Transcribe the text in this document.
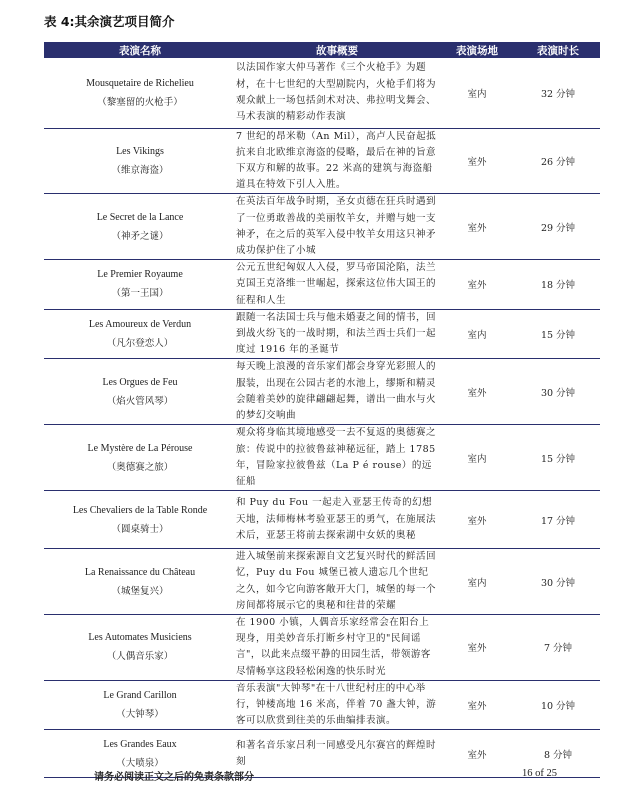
表 4:其余演艺项目简介
表演名称	故事概要	表演场地	表演时长

Mousquetaire de Richelieu
（黎塞留的火枪手）	以法国作家大仲马著作《三个火枪手》为题材，在十七世纪的大型剧院内，火枪手们将为观众献上一场包括剑术对决、弗拉明戈舞会、马术表演的精彩动作表演	室内	32 分钟

Les Vikings
（维京海盗）	7 世纪的昂米勒（An Mil），高卢人民奋起抵抗来自北欧维京海盗的侵略，最后在神的旨意下双方和解的故事。22 米高的建筑与海盗船道具在特效下引人入胜。	室外	26 分钟

Le Secret de la Lance
（神矛之谜）	在英法百年战争时期，圣女贞德在狂兵时遇到了一位勇敢善战的美丽牧羊女，并赠与她一支神矛，在之后的英军入侵中牧羊女用这只神矛成功保护住了小城	室外	29 分钟

Le Premier Royaume
（第一王国）	公元五世纪匈奴人入侵，罗马帝国沦陷，法兰克国王克洛维一世崛起，探索这位伟大国王的征程和人生	室外	18 分钟

Les Amoureux de Verdun
（凡尔登恋人）	跟随一名法国士兵与他未婚妻之间的情书，回到战火纷飞的一战时期，和法兰西士兵们一起度过 1916 年的圣诞节	室内	15 分钟

Les Orgues de Feu
（焰火管风琴）	每天晚上浪漫的音乐家们都会身穿光彩照人的服装，出现在公园古老的水池上，缪斯和精灵会随着美妙的旋律翩翩起舞，谱出一曲水与火的梦幻交响曲	室外	30 分钟

Le Mystère de La Pérouse
（奥德赛之旅）	观众将身临其境地感受一去不复返的奥德赛之旅：传说中的拉彼鲁兹神秘远征，踏上 1785 年，冒险家拉彼鲁兹（La P é rouse）的远征船	室内	15 分钟

Les Chevaliers de la Table Ronde
（圆桌骑士）	和 Puy du Fou 一起走入亚瑟王传奇的幻想天地，法师梅林考验亚瑟王的勇气，在施展法术后，亚瑟王将前去探索湖中女妖的奥秘	室外	17 分钟

La Renaissance du Château
（城堡复兴）	进入城堡前来探索源自文艺复兴时代的鲜活回忆，Puy du Fou 城堡已被人遗忘几个世纪之久，如今它向游客敞开大门，城堡的每一个房间都将展示它的奥秘和往昔的荣耀	室内	30 分钟

Les Automates Musiciens
（人偶音乐家）	在 1900 小镇，人偶音乐家经常会在阳台上现身，用美妙音乐打断乡村守卫的"民间谣言"，以此来点缀平静的田园生活，带领游客尽情畅享这段轻松闲逸的快乐时光	室外	7 分钟

Le Grand Carillon
（大钟琴）	音乐表演"大钟琴"在十八世纪村庄的中心举行，钟楼高地 16 米高，伴着 70 盏大钟，游客可以欣赏到往美的乐曲编排表演。	室外	10 分钟

Les Grandes Eaux
（大喷泉）	和著名音乐家吕利一同感受凡尔赛宫的辉煌时刻	室外	8 分钟
请务必阅读正文之后的免责条款部分	16 of 25
